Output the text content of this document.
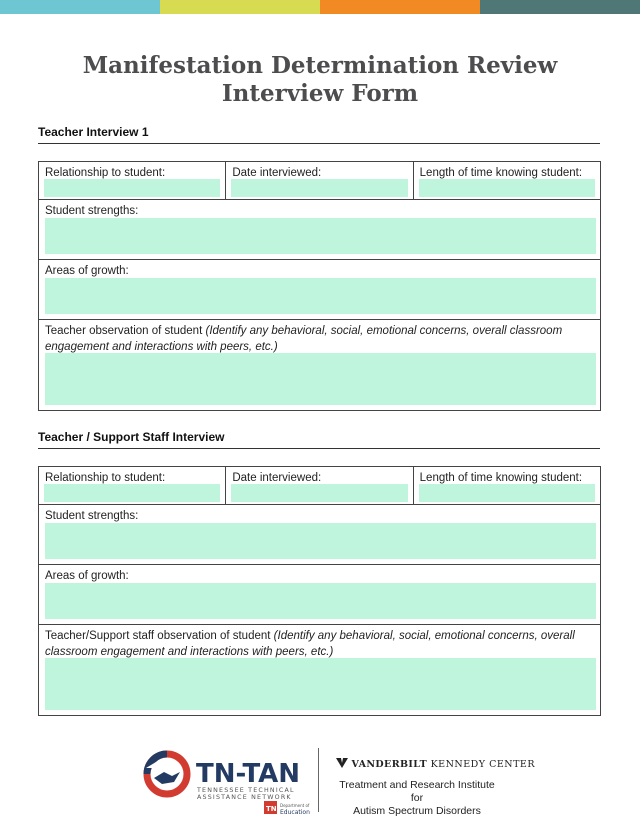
Manifestation Determination Review
Interview Form
Teacher Interview 1
Relationship to student:	Date interviewed:	Length of time knowing student:
Student strengths:
Areas of growth:
Teacher observation of student (Identify any behavioral, social, emotional concerns, overall classroom engagement and interactions with peers, etc.)
Teacher / Support Staff Interview
Relationship to student:	Date interviewed:	Length of time knowing student:
Student strengths:
Areas of growth:
Teacher/Support staff observation of student (Identify any behavioral, social, emotional concerns, overall classroom engagement and interactions with peers, etc.)
TN-TAN
TENNESSEE TECHNICAL
ASSISTANCE NETWORK
TN Department of
Education
VANDERBILT KENNEDY CENTER
Treatment and Research Institute for
Autism Spectrum Disorders
